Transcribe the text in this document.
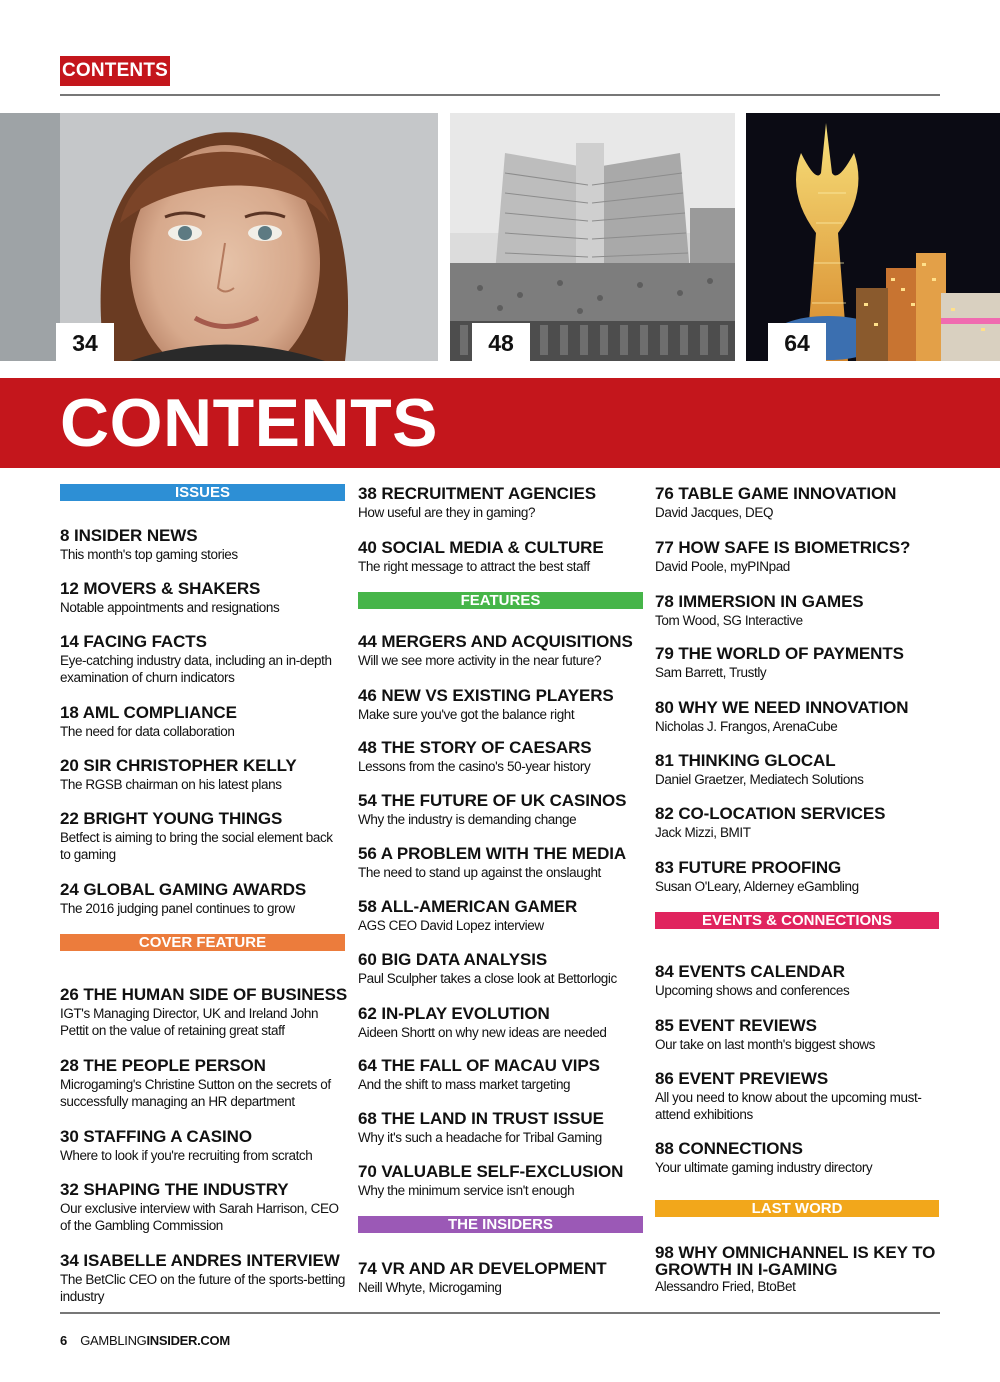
CONTENTS
34	48	64
CONTENTS
ISSUES
8 INSIDER NEWS
This month's top gaming stories
12 MOVERS & SHAKERS
Notable appointments and resignations
14 FACING FACTS
Eye-catching industry data, including an in-depth examination of churn indicators
18 AML COMPLIANCE
The need for data collaboration
20 SIR CHRISTOPHER KELLY
The RGSB chairman on his latest plans
22 BRIGHT YOUNG THINGS
Betfect is aiming to bring the social element back to gaming
24 GLOBAL GAMING AWARDS
The 2016 judging panel continues to grow
COVER FEATURE
26 THE HUMAN SIDE OF BUSINESS
IGT's Managing Director, UK and Ireland John Pettit on the value of retaining great staff
28 THE PEOPLE PERSON
Microgaming's Christine Sutton on the secrets of successfully managing an HR department
30 STAFFING A CASINO
Where to look if you're recruiting from scratch
32 SHAPING THE INDUSTRY
Our exclusive interview with Sarah Harrison, CEO of the Gambling Commission
34 ISABELLE ANDRES INTERVIEW
The BetClic CEO on the future of the sports-betting industry
38 RECRUITMENT AGENCIES
How useful are they in gaming?
40 SOCIAL MEDIA & CULTURE
The right message to attract the best staff
FEATURES
44 MERGERS AND ACQUISITIONS
Will we see more activity in the near future?
46 NEW VS EXISTING PLAYERS
Make sure you've got the balance right
48 THE STORY OF CAESARS
Lessons from the casino's 50-year history
54 THE FUTURE OF UK CASINOS
Why the industry is demanding change
56 A PROBLEM WITH THE MEDIA
The need to stand up against the onslaught
58 ALL-AMERICAN GAMER
AGS CEO David Lopez interview
60 BIG DATA ANALYSIS
Paul Sculpher takes a close look at Bettorlogic
62 IN-PLAY EVOLUTION
Aideen Shortt on why new ideas are needed
64 THE FALL OF MACAU VIPS
And the shift to mass market targeting
68 THE LAND IN TRUST ISSUE
Why it's such a headache for Tribal Gaming
70 VALUABLE SELF-EXCLUSION
Why the minimum service isn't enough
THE INSIDERS
74 VR AND AR DEVELOPMENT
Neill Whyte, Microgaming
76 TABLE GAME INNOVATION
David Jacques, DEQ
77 HOW SAFE IS BIOMETRICS?
David Poole, myPINpad
78 IMMERSION IN GAMES
Tom Wood, SG Interactive
79 THE WORLD OF PAYMENTS
Sam Barrett, Trustly
80 WHY WE NEED INNOVATION
Nicholas J. Frangos, ArenaCube
81 THINKING GLOCAL
Daniel Graetzer, Mediatech Solutions
82 CO-LOCATION SERVICES
Jack Mizzi, BMIT
83 FUTURE PROOFING
Susan O'Leary, Alderney eGambling
EVENTS & CONNECTIONS
84 EVENTS CALENDAR
Upcoming shows and conferences
85 EVENT REVIEWS
Our take on last month's biggest shows
86 EVENT PREVIEWS
All you need to know about the upcoming must-attend exhibitions
88 CONNECTIONS
Your ultimate gaming industry directory
LAST WORD
98 WHY OMNICHANNEL IS KEY TO GROWTH IN I-GAMING
Alessandro Fried, BtoBet
6 GAMBLINGINSIDER.COM
